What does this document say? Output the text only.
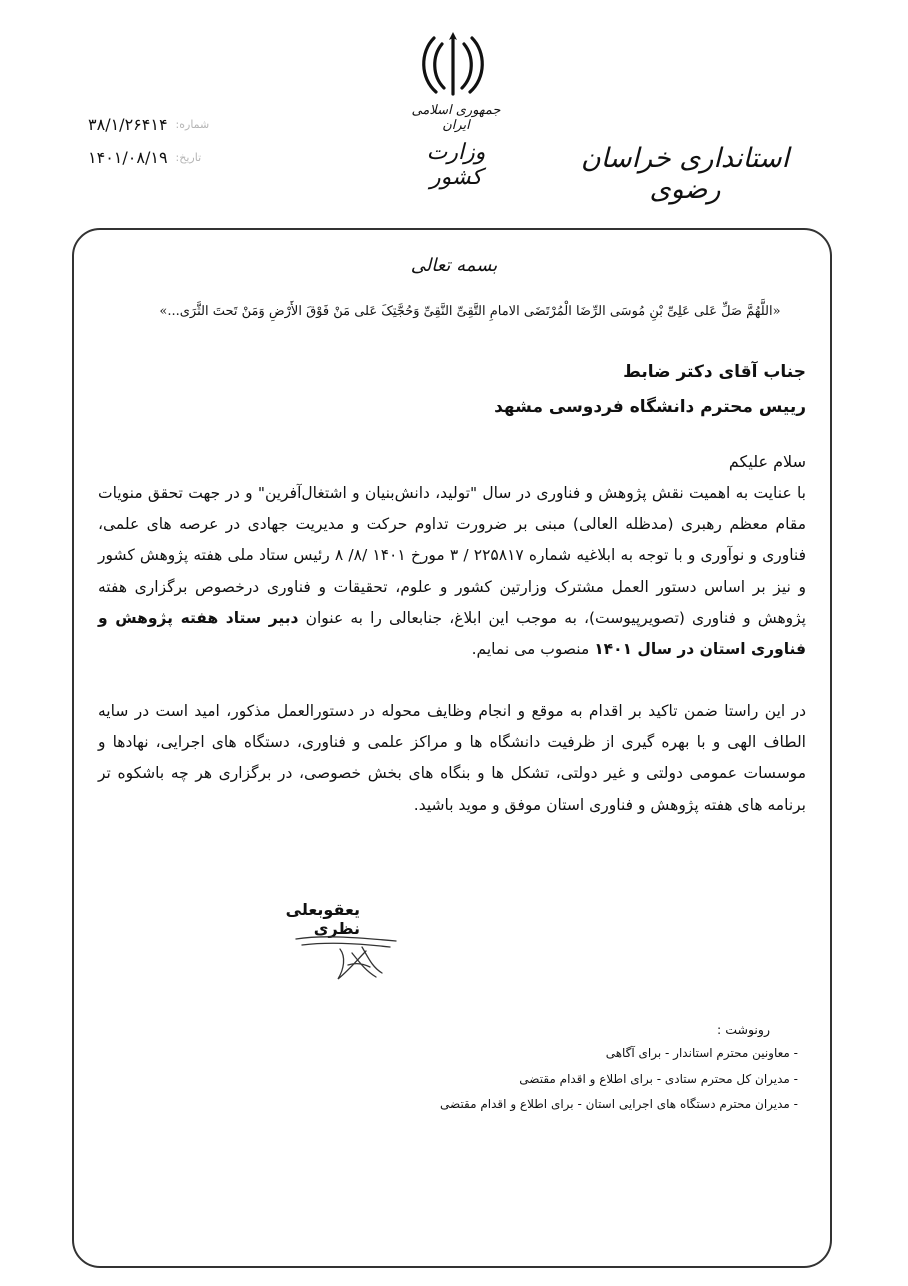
جمهوری اسلامی ایران
وزارت کشور
استانداری خراسان رضوی
۳۸/۱/۲۶۴۱۴ شماره:
۱۴۰۱/۰۸/۱۹ تاریخ:
بسمه تعالی
«اللَّهُمَّ صَلِّ عَلی عَلِیِّ بْنِ مُوسَی الرِّضَا الْمُرْتَضَی الامامِ التَّقِیِّ النَّقِیِّ وَحُجَّتِکَ عَلی مَنْ فَوْقَ الأَرْضِ وَمَنْ تَحتَ الثَّرَی...»
جناب آقای دکتر ضابط
رییس محترم دانشگاه فردوسی مشهد
سلام علیکم

با عنایت به اهمیت نقش پژوهش و فناوری در سال "تولید، دانش‌بنیان و اشتغال‌آفرین" و در جهت تحقق منویات مقام معظم رهبری (مدظله العالی) مبنی بر ضرورت تداوم حرکت و مدیریت جهادی در عرصه های علمی، فناوری و نوآوری و با توجه به ابلاغیه شماره ۲۲۵۸۱۷ / ۳ مورخ ۱۴۰۱ /۸/ ۸ رئیس ستاد ملی هفته پژوهش کشور و نیز بر اساس دستور العمل مشترک وزارتین کشور و علوم، تحقیقات و فناوری درخصوص برگزاری هفته پژوهش و فناوری (تصویرپیوست)، به موجب این ابلاغ، جنابعالی را به عنوان دبیر ستاد هفته پژوهش و فناوری استان در سال ۱۴۰۱ منصوب می نمایم.

در این راستا ضمن تاکید بر اقدام به موقع و انجام وظایف محوله در دستورالعمل مذکور، امید است در سایه الطاف الهی و با بهره گیری از ظرفیت دانشگاه ها و مراکز علمی و فناوری، دستگاه های اجرایی، نهادها و موسسات عمومی دولتی و غیر دولتی، تشکل ها و بنگاه های بخش خصوصی، در برگزاری هر چه باشکوه تر برنامه های هفته پژوهش و فناوری استان موفق و موید باشید.

یعقوبعلی نظری
رونوشت :
- معاونین محترم استاندار - برای آگاهی
- مدیران کل محترم ستادی - برای اطلاع و اقدام مقتضی
- مدیران محترم دستگاه های اجرایی استان - برای اطلاع و اقدام مقتضی
